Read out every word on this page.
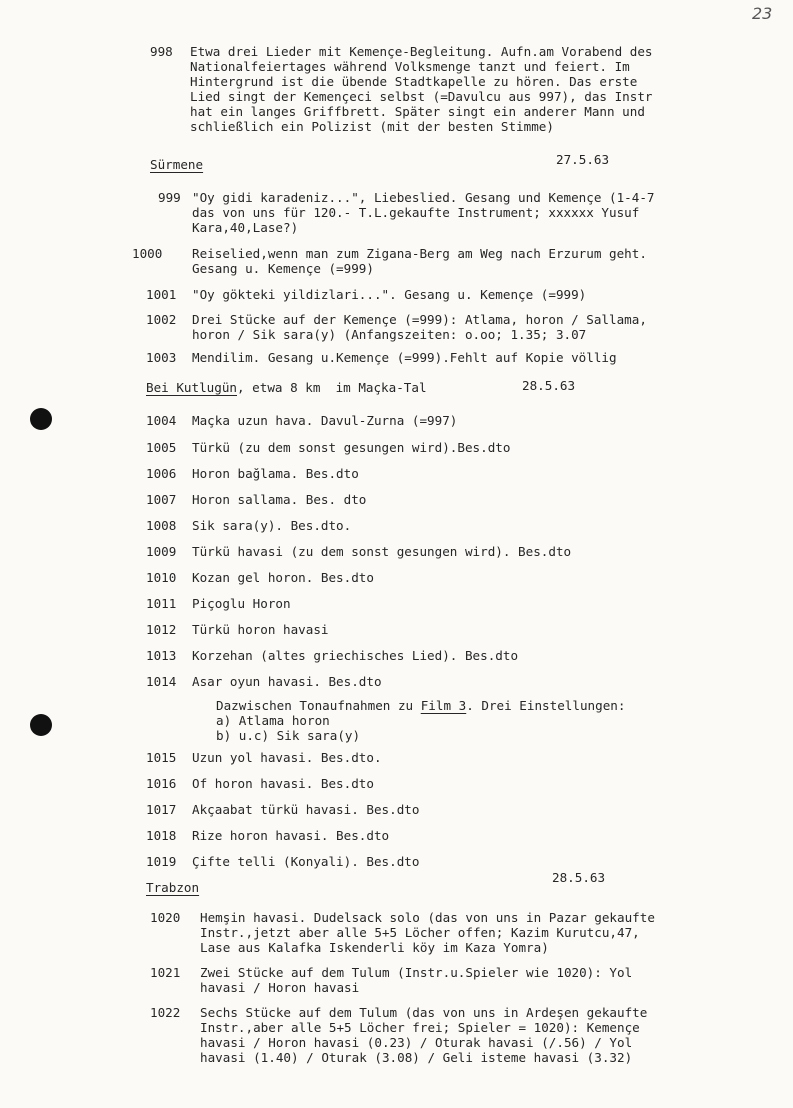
23
998 Etwa drei Lieder mit Kemençe-Begleitung. Aufn.am Vorabend des
Nationalfeiertages während Volksmenge tanzt und feiert. Im
Hintergrund ist die übende Stadtkapelle zu hören. Das erste
Lied singt der Kemençeci selbst (=Davulcu aus 997), das Instr
hat ein langes Griffbrett. Später singt ein anderer Mann und
schließlich ein Polizist (mit der besten Stimme)
Sürmene	27.5.63
999 "Oy gidi karadeniz...", Liebeslied. Gesang und Kemençe (1-4-7
das von uns für 120.- T.L.gekaufte Instrument; xxxxxx Yusuf
Kara,40,Lase?)
1000 Reiselied,wenn man zum Zigana-Berg am Weg nach Erzurum geht.
Gesang u. Kemençe (=999)
1001 "Oy gökteki yildizlari...". Gesang u. Kemençe (=999)
1002 Drei Stücke auf der Kemençe (=999): Atlama, horon / Sallama,
horon / Sik sara(y) (Anfangszeiten: o.oo; 1.35; 3.07
1003 Mendilim. Gesang u.Kemençe (=999).Fehlt auf Kopie völlig
Bei Kutlugün, etwa 8 km  im Maçka-Tal	28.5.63
1004 Maçka uzun hava. Davul-Zurna (=997)
1005 Türkü (zu dem sonst gesungen wird).Bes.dto
1006 Horon bağlama. Bes.dto
1007 Horon sallama. Bes. dto
1008 Sik sara(y). Bes.dto.
1009 Türkü havasi (zu dem sonst gesungen wird). Bes.dto
1010 Kozan gel horon. Bes.dto
1011 Piçoglu Horon
1012 Türkü horon havasi
1013 Korzehan (altes griechisches Lied). Bes.dto
1014 Asar oyun havasi. Bes.dto
Dazwischen Tonaufnahmen zu Film 3. Drei Einstellungen:
a) Atlama horon
b) u.c) Sik sara(y)
1015 Uzun yol havasi. Bes.dto.
1016 Of horon havasi. Bes.dto
1017 Akçaabat türkü havasi. Bes.dto
1018 Rize horon havasi. Bes.dto
1019 Çifte telli (Konyali). Bes.dto
Trabzon
28.5.63
1020 Hemşin havasi. Dudelsack solo (das von uns in Pazar gekaufte
Instr.,jetzt aber alle 5+5 Löcher offen; Kazim Kurutcu,47,
Lase aus Kalafka Iskenderli köy im Kaza Yomra)
1021 Zwei Stücke auf dem Tulum (Instr.u.Spieler wie 1020): Yol
havasi / Horon havasi
1022 Sechs Stücke auf dem Tulum (das von uns in Ardeşen gekaufte
Instr.,aber alle 5+5 Löcher frei; Spieler = 1020): Kemençe
havasi / Horon havasi (0.23) / Oturak havasi (/.56) / Yol
havasi (1.40) / Oturak (3.08) / Geli isteme havasi (3.32)
